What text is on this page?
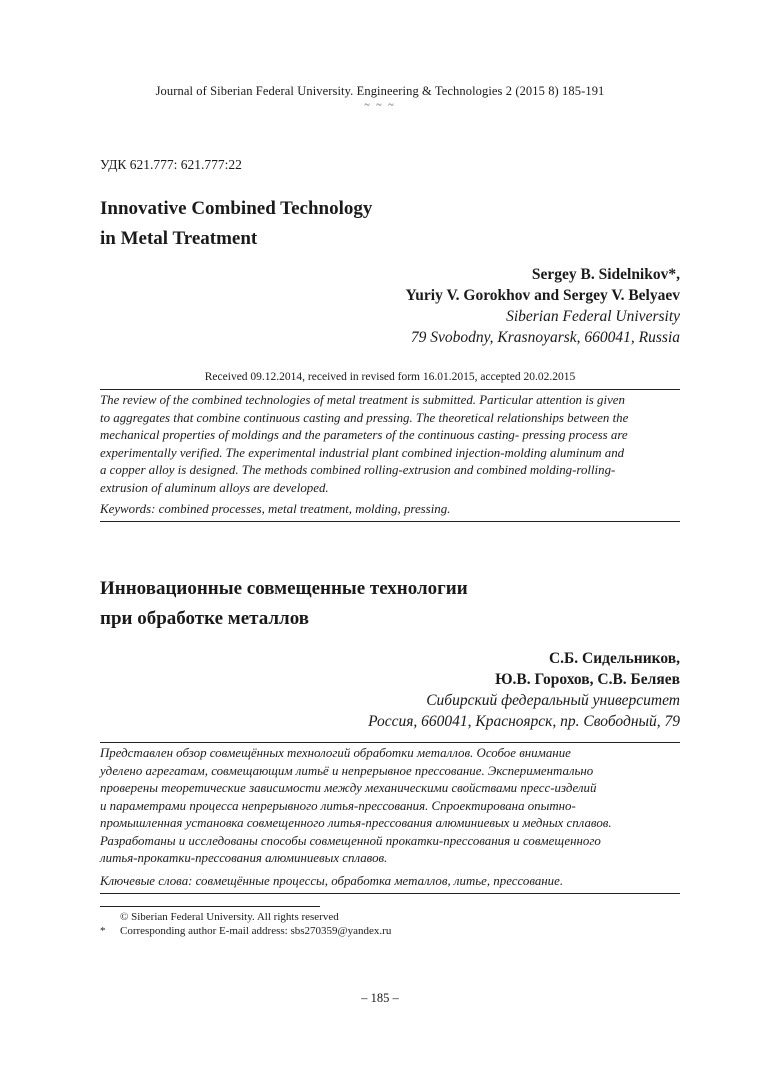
Journal of Siberian Federal University. Engineering & Technologies 2 (2015 8) 185-191
~ ~ ~
УДК 621.777: 621.777:22
Innovative Combined Technology
in Metal Treatment
Sergey B. Sidelnikov*,
Yuriy V. Gorokhov and Sergey V. Belyaev
Siberian Federal University
79 Svobodny, Krasnoyarsk, 660041, Russia
Received 09.12.2014, received in revised form 16.01.2015, accepted 20.02.2015
The review of the combined technologies of metal treatment is submitted. Particular attention is given
to aggregates that combine continuous casting and pressing. The theoretical relationships between the
mechanical properties of moldings and the parameters of the continuous casting- pressing process are
experimentally verified. The experimental industrial plant combined injection-molding aluminum and
a copper alloy is designed. The methods combined rolling-extrusion and combined molding-rolling-
extrusion of aluminum alloys are developed.
Keywords: combined processes, metal treatment, molding, pressing.
Инновационные совмещенные технологии
при обработке металлов
С.Б. Сидельников,
Ю.В. Горохов, С.В. Беляев
Сибирский федеральный университет
Россия, 660041, Красноярск, пр. Свободный, 79
Представлен обзор совмещённых технологий обработки металлов. Особое внимание
уделено агрегатам, совмещающим литьё и непрерывное прессование. Экспериментально
проверены теоретические зависимости между механическими свойствами пресс-изделий
и параметрами процесса непрерывного литья-прессования. Спроектирована опытно-
промышленная установка совмещенного литья-прессования алюминиевых и медных сплавов.
Разработаны и исследованы способы совмещенной прокатки-прессования и совмещенного
литья-прокатки-прессования алюминиевых сплавов.
Ключевые слова: совмещённые процессы, обработка металлов, литье, прессование.
© Siberian Federal University. All rights reserved
* Corresponding author E-mail address: sbs270359@yandex.ru
– 185 –
